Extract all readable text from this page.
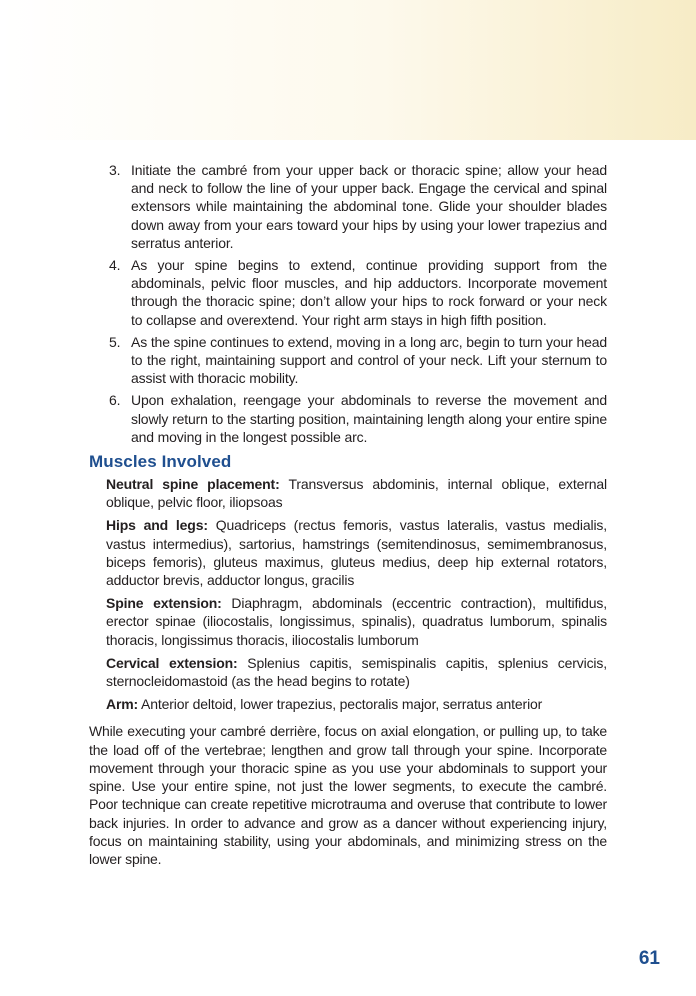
3. Initiate the cambré from your upper back or thoracic spine; allow your head and neck to follow the line of your upper back. Engage the cervical and spinal extensors while maintaining the abdominal tone. Glide your shoulder blades down away from your ears toward your hips by using your lower trapezius and serratus anterior.
4. As your spine begins to extend, continue providing support from the abdominals, pelvic floor muscles, and hip adductors. Incorporate movement through the thoracic spine; don’t allow your hips to rock forward or your neck to collapse and overextend. Your right arm stays in high fifth position.
5. As the spine continues to extend, moving in a long arc, begin to turn your head to the right, maintaining support and control of your neck. Lift your sternum to assist with thoracic mobility.
6. Upon exhalation, reengage your abdominals to reverse the movement and slowly return to the starting position, maintaining length along your entire spine and moving in the longest possible arc.
Muscles Involved
Neutral spine placement: Transversus abdominis, internal oblique, external oblique, pelvic floor, iliopsoas
Hips and legs: Quadriceps (rectus femoris, vastus lateralis, vastus medialis, vastus intermedius), sartorius, hamstrings (semitendinosus, semimembranosus, biceps femoris), gluteus maximus, gluteus medius, deep hip external rotators, adductor brevis, adductor longus, gracilis
Spine extension: Diaphragm, abdominals (eccentric contraction), multifidus, erector spinae (iliocostalis, longissimus, spinalis), quadratus lumborum, spinalis thoracis, longissimus thoracis, iliocostalis lumborum
Cervical extension: Splenius capitis, semispinalis capitis, splenius cervicis, sternocleidomastoid (as the head begins to rotate)
Arm: Anterior deltoid, lower trapezius, pectoralis major, serratus anterior

While executing your cambré derrière, focus on axial elongation, or pulling up, to take the load off of the vertebrae; lengthen and grow tall through your spine. Incorporate movement through your thoracic spine as you use your abdominals to support your spine. Use your entire spine, not just the lower segments, to execute the cambré. Poor technique can create repetitive microtrauma and overuse that contribute to lower back injuries. In order to advance and grow as a dancer without experiencing injury, focus on maintaining stability, using your abdominals, and minimizing stress on the lower spine.

61
